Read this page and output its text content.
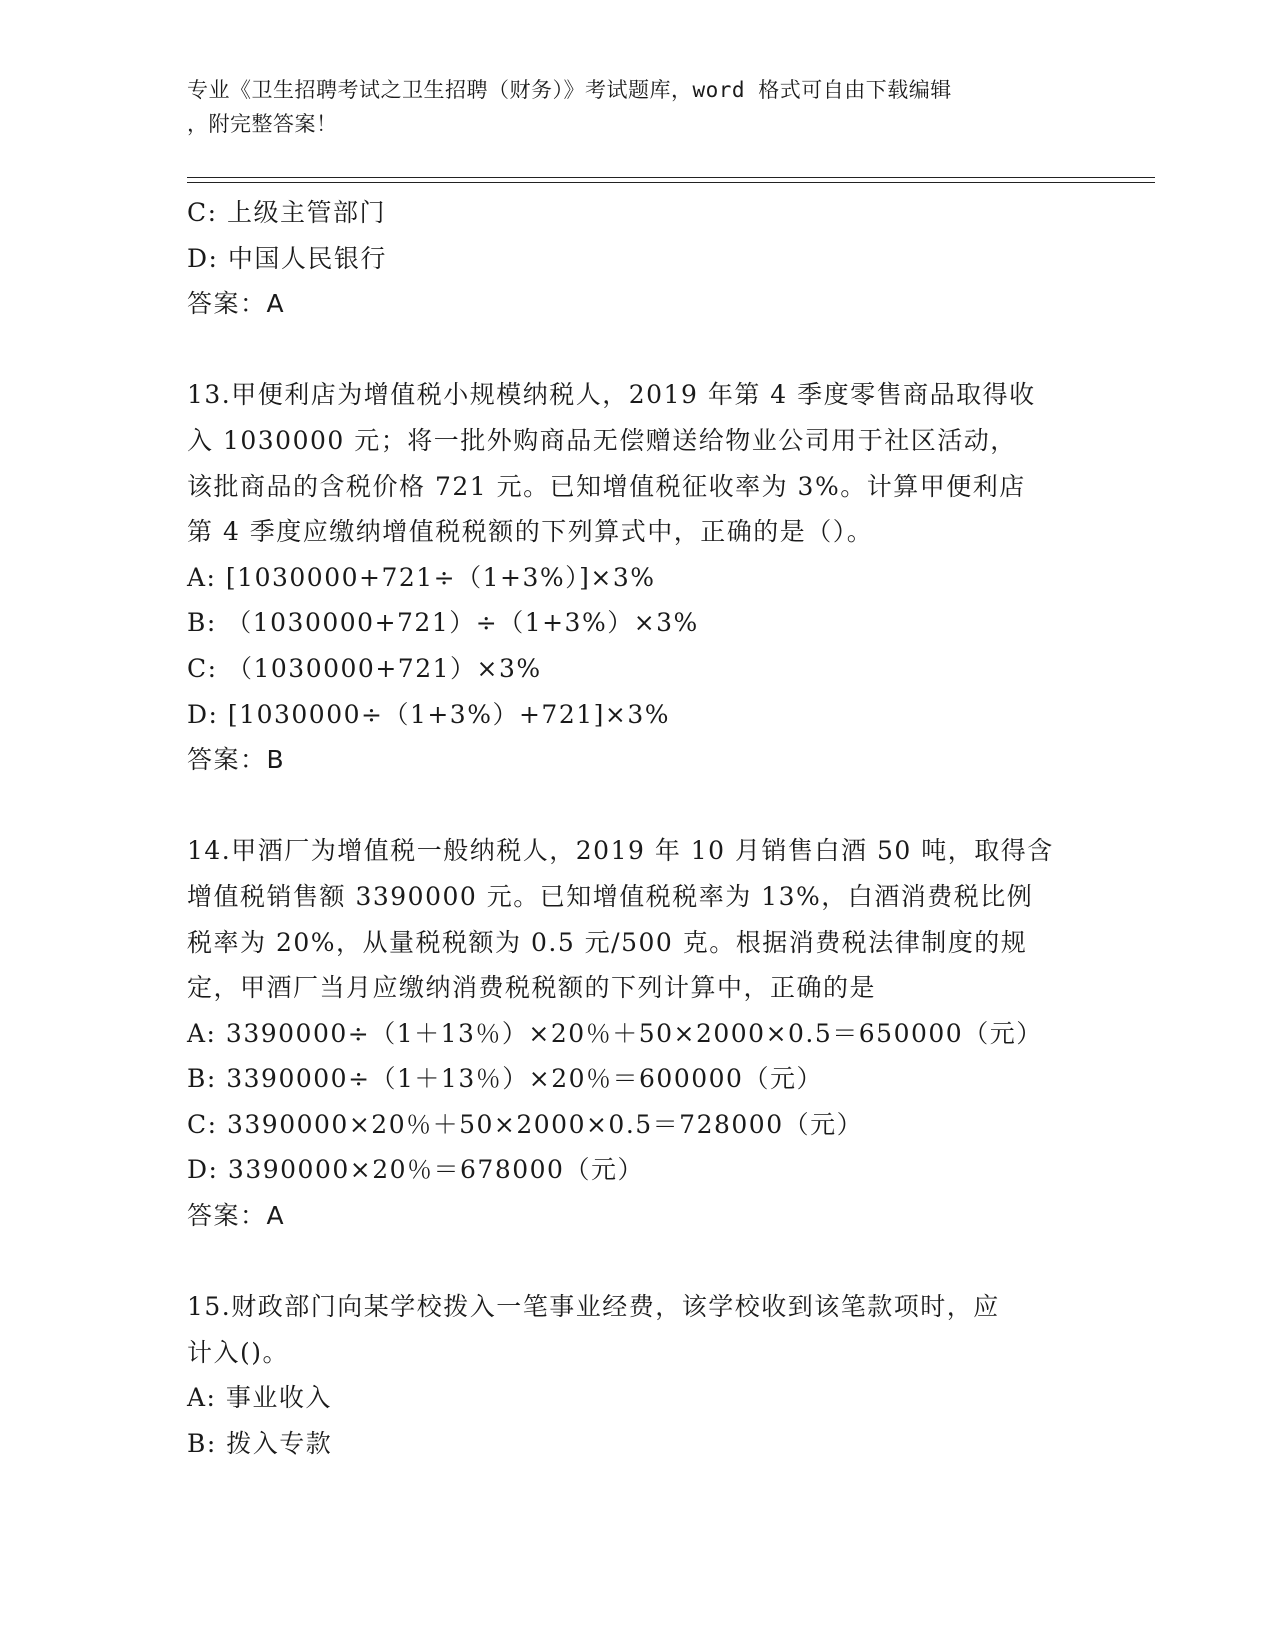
专业《卫生招聘考试之卫生招聘（财务）》考试题库，word 格式可自由下载编辑
，附完整答案！
C: 上级主管部门
D: 中国人民银行
答案：A
13.甲便利店为增值税小规模纳税人，2019 年第 4 季度零售商品取得收
入 1030000 元；将一批外购商品无偿赠送给物业公司用于社区活动，
该批商品的含税价格 721 元。已知增值税征收率为 3%。计算甲便利店
第 4 季度应缴纳增值税税额的下列算式中，正确的是（）。
A: [1030000+721÷（1+3%）]×3%
B: （1030000+721）÷（1+3%）×3%
C: （1030000+721）×3%
D: [1030000÷（1+3%）+721]×3%
答案：B
14.甲酒厂为增值税一般纳税人，2019 年 10 月销售白酒 50 吨，取得含
增值税销售额 3390000 元。已知增值税税率为 13%，白酒消费税比例
税率为 20%，从量税税额为 0.5 元/500 克。根据消费税法律制度的规
定，甲酒厂当月应缴纳消费税税额的下列计算中，正确的是
A: 3390000÷（1＋13％）×20％＋50×2000×0.5＝650000（元）
B: 3390000÷（1＋13％）×20％＝600000（元）
C: 3390000×20％＋50×2000×0.5＝728000（元）
D: 3390000×20％＝678000（元）
答案：A
15.财政部门向某学校拨入一笔事业经费，该学校收到该笔款项时，应
计入()。
A: 事业收入
B: 拨入专款
